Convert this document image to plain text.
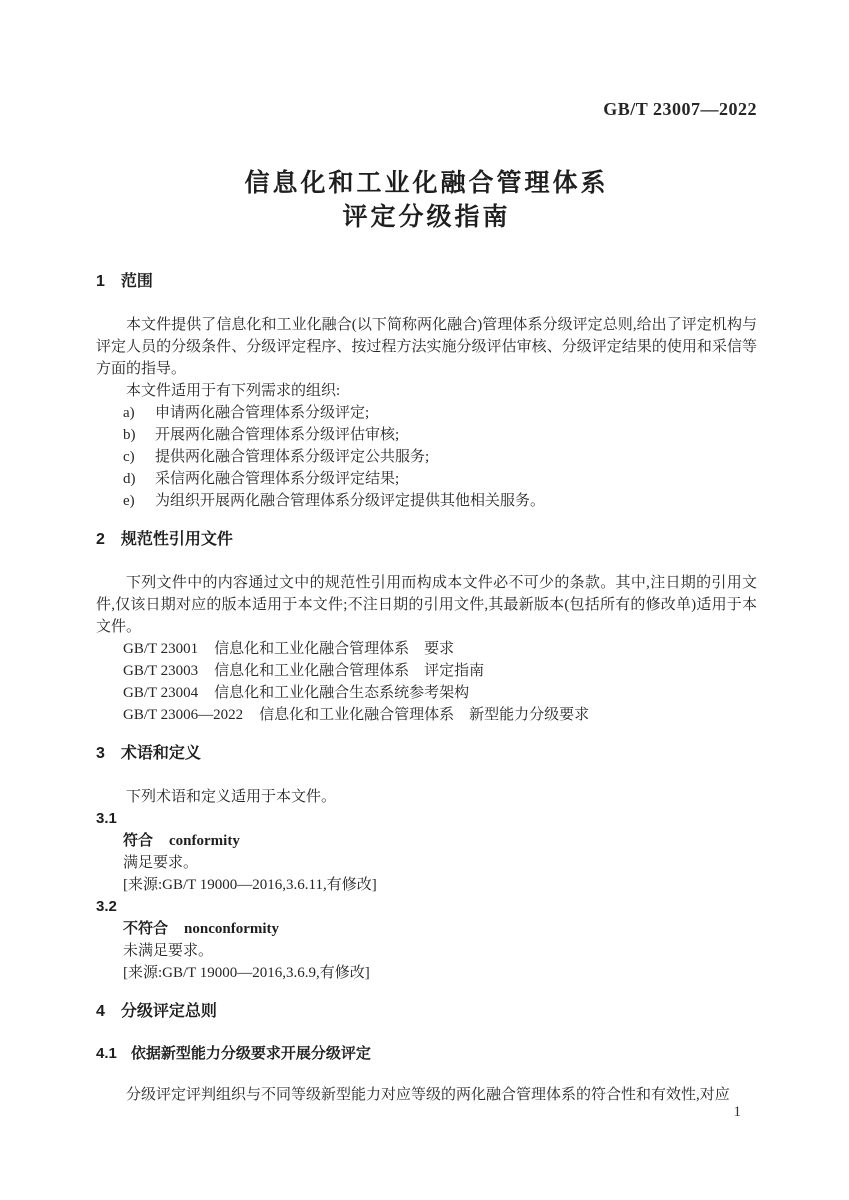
GB/T 23007—2022
信息化和工业化融合管理体系
评定分级指南
1 范围

本文件提供了信息化和工业化融合(以下简称两化融合)管理体系分级评定总则,给出了评定机构与评定人员的分级条件、分级评定程序、按过程方法实施分级评估审核、分级评定结果的使用和采信等方面的指导。

本文件适用于有下列需求的组织:

a)	申请两化融合管理体系分级评定;
b)	开展两化融合管理体系分级评估审核;
c)	提供两化融合管理体系分级评定公共服务;
d)	采信两化融合管理体系分级评定结果;
e)	为组织开展两化融合管理体系分级评定提供其他相关服务。
2 规范性引用文件

下列文件中的内容通过文中的规范性引用而构成本文件必不可少的条款。其中,注日期的引用文件,仅该日期对应的版本适用于本文件;不注日期的引用文件,其最新版本(包括所有的修改单)适用于本文件。

GB/T 23001 信息化和工业化融合管理体系　要求
GB/T 23003 信息化和工业化融合管理体系　评定指南
GB/T 23004 信息化和工业化融合生态系统参考架构
GB/T 23006—2022 信息化和工业化融合管理体系　新型能力分级要求
3 术语和定义

下列术语和定义适用于本文件。

3.1
符合 conformity
满足要求。
[来源:GB/T 19000—2016,3.6.11,有修改]
3.2
不符合 nonconformity
未满足要求。
[来源:GB/T 19000—2016,3.6.9,有修改]
4 分级评定总则
4.1 依据新型能力分级要求开展分级评定

分级评定评判组织与不同等级新型能力对应等级的两化融合管理体系的符合性和有效性,对应

1
